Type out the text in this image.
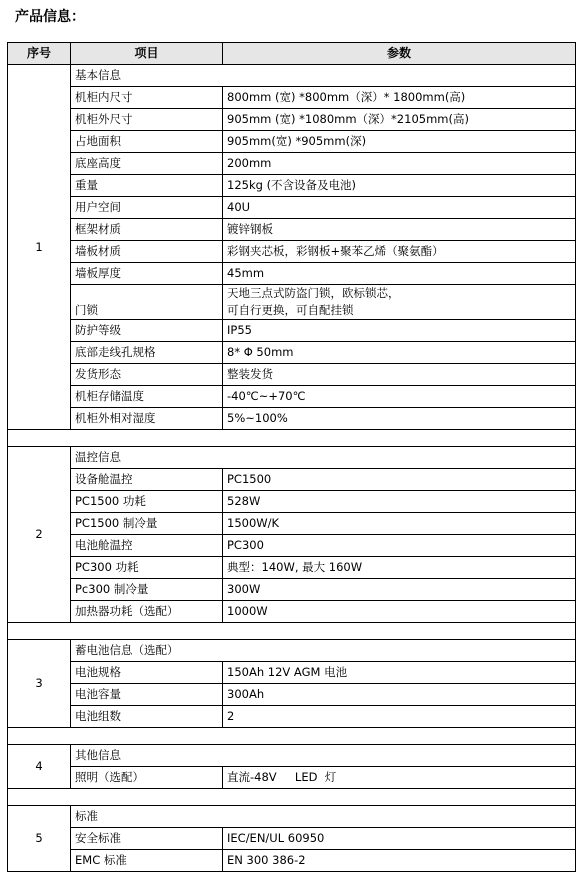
产品信息：
序号	项目	参数
1	基本信息	
	机柜内尺寸	800mm (宽) *800mm（深）* 1800mm(高)
	机柜外尺寸	905mm (宽) *1080mm（深）*2105mm(高)
	占地面积	905mm(宽) *905mm(深)
	底座高度	200mm
	重量	125kg (不含设备及电池)
	用户空间	40U
	框架材质	镀锌钢板
	墙板材质	彩钢夹芯板，彩钢板+聚苯乙烯（聚氨酯）
	墙板厚度	45mm
	门锁	天地三点式防盗门锁，欧标锁芯，
可自行更换，可自配挂锁

	防护等级	IP55
	底部走线孔规格	8* Φ 50mm
	发货形态	整装发货
	机柜存储温度	-40℃~+70℃
	机柜外相对湿度	5%~100%

2	温控信息	
	设备舱温控	PC1500
	PC1500 功耗	528W
	PC1500 制冷量	1500W/K
	电池舱温控	PC300
	PC300 功耗	典型：140W, 最大 160W
	Pc300 制冷量	300W
	加热器功耗（选配）	1000W

3	蓄电池信息（选配）	
	电池规格	150Ah 12V AGM 电池
	电池容量	300Ah
	电池组数	2

4	其他信息	
	照明（选配）	直流-48V     LED  灯

5	标准	
	安全标准	IEC/EN/UL 60950
	EMC 标准	EN 300 386-2
